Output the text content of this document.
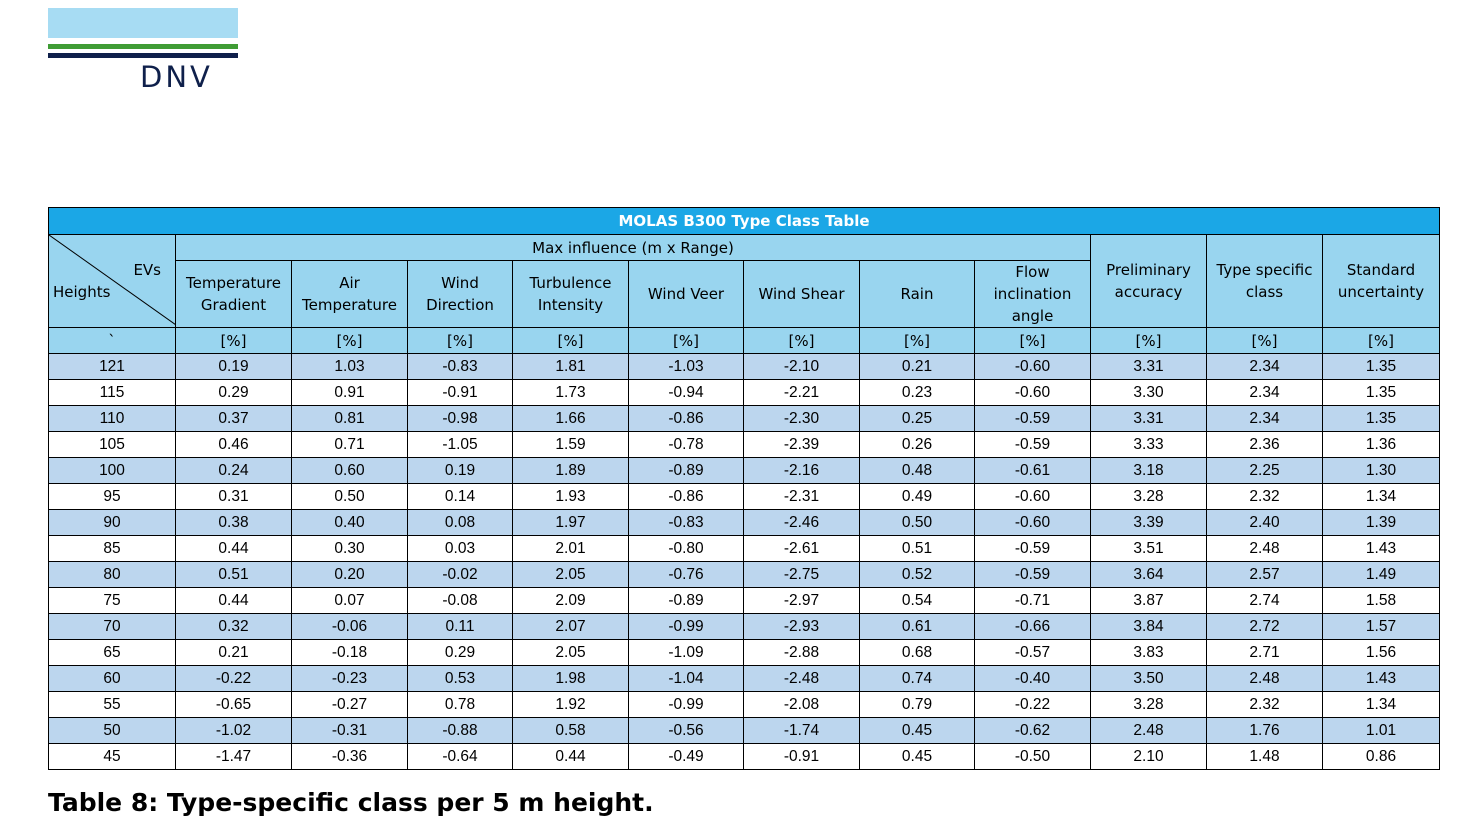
DNV
MOLAS B300 Type Class Table											

EVs
Heights	Max influence (m x Range)								Preliminary accuracy	Type specific class	Standard uncertainty
	Temperature Gradient	Air Temperature	Wind Direction	Turbulence Intensity	Wind Veer	Wind Shear	Rain	Flow inclination angle			
`	[%]	[%]	[%]	[%]	[%]	[%]	[%]	[%]	[%]	[%]	[%]
121	0.19	1.03	-0.83	1.81	-1.03	-2.10	0.21	-0.60	3.31	2.34	1.35
115	0.29	0.91	-0.91	1.73	-0.94	-2.21	0.23	-0.60	3.30	2.34	1.35
110	0.37	0.81	-0.98	1.66	-0.86	-2.30	0.25	-0.59	3.31	2.34	1.35
105	0.46	0.71	-1.05	1.59	-0.78	-2.39	0.26	-0.59	3.33	2.36	1.36
100	0.24	0.60	0.19	1.89	-0.89	-2.16	0.48	-0.61	3.18	2.25	1.30
95	0.31	0.50	0.14	1.93	-0.86	-2.31	0.49	-0.60	3.28	2.32	1.34
90	0.38	0.40	0.08	1.97	-0.83	-2.46	0.50	-0.60	3.39	2.40	1.39
85	0.44	0.30	0.03	2.01	-0.80	-2.61	0.51	-0.59	3.51	2.48	1.43
80	0.51	0.20	-0.02	2.05	-0.76	-2.75	0.52	-0.59	3.64	2.57	1.49
75	0.44	0.07	-0.08	2.09	-0.89	-2.97	0.54	-0.71	3.87	2.74	1.58
70	0.32	-0.06	0.11	2.07	-0.99	-2.93	0.61	-0.66	3.84	2.72	1.57
65	0.21	-0.18	0.29	2.05	-1.09	-2.88	0.68	-0.57	3.83	2.71	1.56
60	-0.22	-0.23	0.53	1.98	-1.04	-2.48	0.74	-0.40	3.50	2.48	1.43
55	-0.65	-0.27	0.78	1.92	-0.99	-2.08	0.79	-0.22	3.28	2.32	1.34
50	-1.02	-0.31	-0.88	0.58	-0.56	-1.74	0.45	-0.62	2.48	1.76	1.01
45	-1.47	-0.36	-0.64	0.44	-0.49	-0.91	0.45	-0.50	2.10	1.48	0.86
Table 8: Type-specific class per 5 m height.
